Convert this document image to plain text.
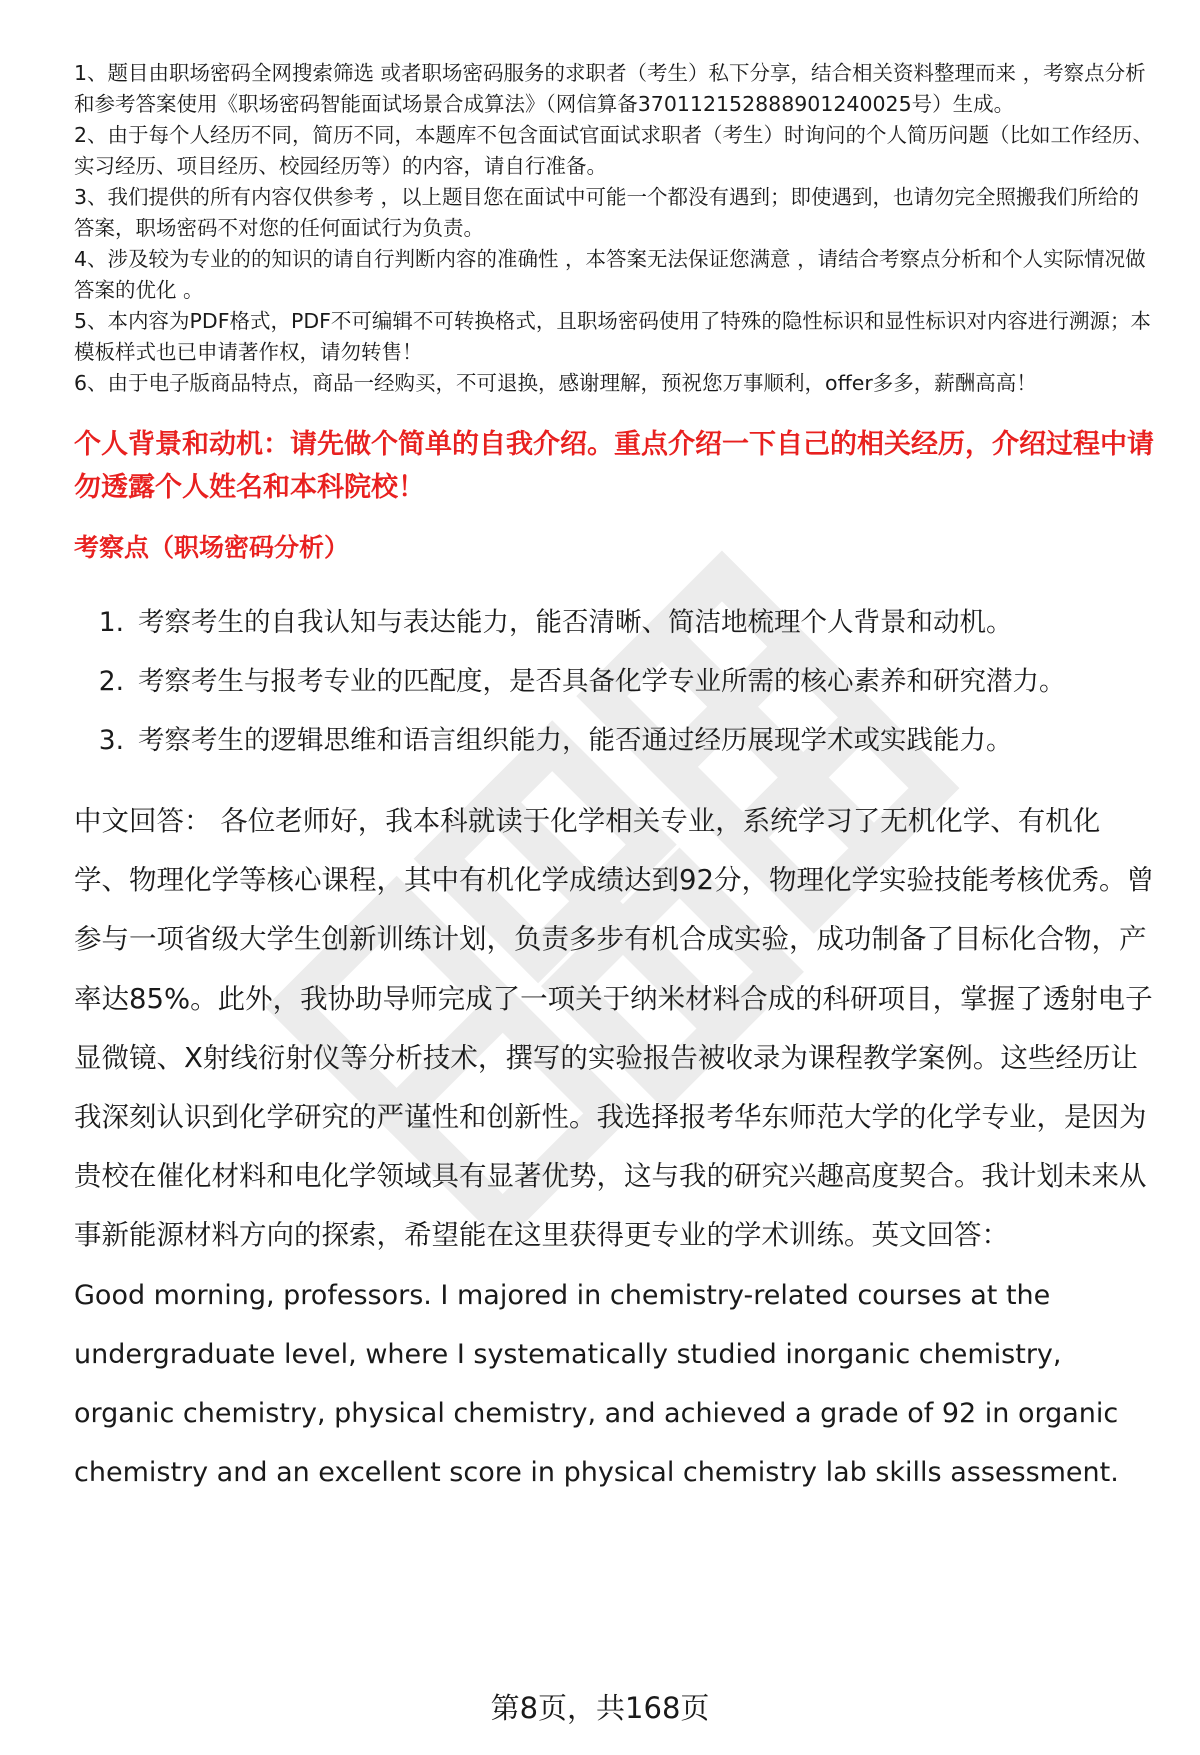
1、题目由职场密码全网搜索筛选 或者职场密码服务的求职者（考生）私下分享，结合相关资料整理而来 ，考察点分析和参考答案使用《职场密码智能面试场景合成算法》（网信算备370112152888901240025号）生成。

2、由于每个人经历不同，简历不同，本题库不包含面试官面试求职者（考生）时询问的个人简历问题（比如工作经历、实习经历、项目经历、校园经历等）的内容，请自行准备。

3、我们提供的所有内容仅供参考 ，以上题目您在面试中可能一个都没有遇到；即使遇到，也请勿完全照搬我们所给的答案，职场密码不对您的任何面试行为负责。

4、涉及较为专业的的知识的请自行判断内容的准确性 ，本答案无法保证您满意 ，请结合考察点分析和个人实际情况做答案的优化 。

5、本内容为PDF格式，PDF不可编辑不可转换格式，且职场密码使用了特殊的隐性标识和显性标识对内容进行溯源；本模板样式也已申请著作权，请勿转售！

6、由于电子版商品特点，商品一经购买，不可退换，感谢理解，预祝您万事顺利，offer多多，薪酬高高！

个人背景和动机：请先做个简单的自我介绍。重点介绍一下自己的相关经历，介绍过程中请勿透露个人姓名和本科院校！
考察点（职场密码分析）
1. 考察考生的自我认知与表达能力，能否清晰、简洁地梳理个人背景和动机。
2. 考察考生与报考专业的匹配度，是否具备化学专业所需的核心素养和研究潜力。
3. 考察考生的逻辑思维和语言组织能力，能否通过经历展现学术或实践能力。

中文回答： 各位老师好，我本科就读于化学相关专业，系统学习了无机化学、有机化学、物理化学等核心课程，其中有机化学成绩达到92分，物理化学实验技能考核优秀。曾参与一项省级大学生创新训练计划，负责多步有机合成实验，成功制备了目标化合物，产率达85%。此外，我协助导师完成了一项关于纳米材料合成的科研项目，掌握了透射电子显微镜、X射线衍射仪等分析技术，撰写的实验报告被收录为课程教学案例。这些经历让我深刻认识到化学研究的严谨性和创新性。我选择报考华东师范大学的化学专业，是因为贵校在催化材料和电化学领域具有显著优势，这与我的研究兴趣高度契合。我计划未来从事新能源材料方向的探索，希望能在这里获得更专业的学术训练。英文回答：

Good morning, professors. I majored in chemistry-related courses at the undergraduate level, where I systematically studied inorganic chemistry, organic chemistry, physical chemistry, and achieved a grade of 92 in organic chemistry and an excellent score in physical chemistry lab skills assessment.

第8页，共168页
